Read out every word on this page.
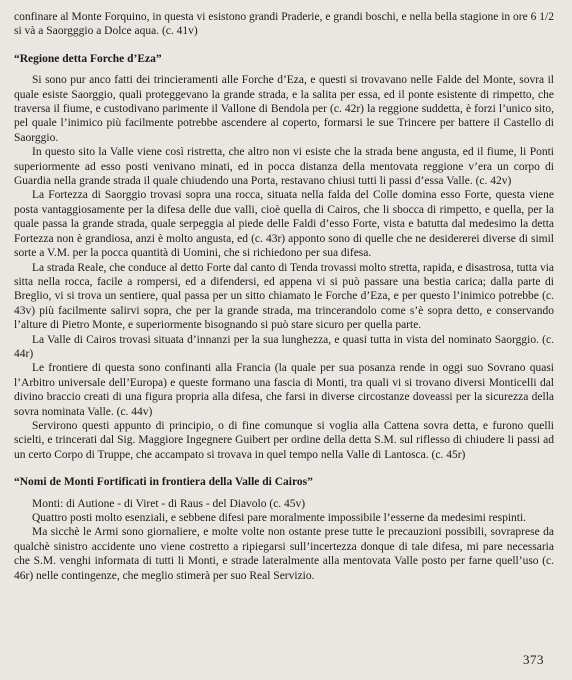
confinare al Monte Forquino, in questa vi esistono grandi Praderie, e grandi boschi, e nella bella stagione in ore 6 1/2 si và a Saorgggio a Dolce aqua. (c. 41v)

“Regione detta Forche d’Eza”

Si sono pur anco fatti dei trincieramenti alle Forche d’Eza, e questi si trovavano nelle Falde del Monte, sovra il quale esiste Saorggio, quali proteggevano la grande strada, e la salita per essa, ed il ponte esistente di rimpetto, che traversa il fiume, e custodivano parimente il Vallone di Bendola per (c. 42r) la reggione suddetta, è forzi l’unico sito, pel quale l’inimico più facilmente potrebbe ascendere al coperto, formarsi le sue Trincere per battere il Castello di Saorggio.

In questo sito la Valle viene così ristretta, che altro non vi esiste che la strada bene angusta, ed il fiume, li Ponti superiormente ad esso posti venivano minati, ed in pocca distanza della mentovata reggione v’era un corpo di Guardia nella grande strada il quale chiudendo una Porta, restavano chiusi tutti li passi d’essa Valle. (c. 42v)

La Fortezza di Saorggio trovasi sopra una rocca, situata nella falda del Colle domina esso Forte, questa viene posta vantaggiosamente per la difesa delle due valli, cioè quella di Cairos, che li sbocca di rimpetto, e quella, per la quale passa la grande strada, quale serpeggia al piede delle Faldi d’esso Forte, vista e batutta dal medesimo la detta Fortezza non è grandiosa, anzi è molto angusta, ed (c. 43r) apponto sono di quelle che ne desidererei diverse di simil sorte a V.M. per la pocca quantità di Uomini, che si richiedono per sua difesa.

La strada Reale, che conduce al detto Forte dal canto di Tenda trovassi molto stretta, rapida, e disastrosa, tutta via sitta nella rocca, facile a rompersi, ed a difendersi, ed appena vi si può passare una bestia carica; dalla parte di Breglio, vi si trova un sentiere, qual passa per un sitto chiamato le Forche d’Eza, e per questo l’inimico potrebbe (c. 43v) più facilmente salirvi sopra, che per la grande strada, ma trincerandolo come s’è sopra detto, e conservando l’alture di Pietro Monte, e superiormente bisognando si può stare sicuro per quella parte.

La Valle di Cairos trovasi situata d’innanzi per la sua lunghezza, e quasi tutta in vista del nominato Saorggio. (c. 44r)

Le frontiere di questa sono confinanti alla Francia (la quale per sua posanza rende in oggi suo Sovrano quasi l’Arbitro universale dell’Europa) e queste formano una fascia di Monti, tra quali vi si trovano diversi Monticelli dal divino braccio creati di una figura propria alla difesa, che farsi in diverse circostanze doveassi per la sicurezza della sovra nominata Valle. (c. 44v)

Servirono questi appunto di principio, o di fine comunque si voglia alla Cattena sovra detta, e furono quelli scielti, e trincerati dal Sig. Maggiore Ingegnere Guibert per ordine della detta S.M. sul riflesso di chiudere li passi ad un certo Corpo di Truppe, che accampato si trovava in quel tempo nella Valle di Lantosca. (c. 45r)

“Nomi de Monti Fortificati in frontiera della Valle di Cairos”

Monti: di Autione - di Viret - di Raus - del Diavolo (c. 45v)

Quattro posti molto esenziali, e sebbene difesi pare moralmente impossibile l’esserne da medesimi respinti.

Ma sicchè le Armi sono giornaliere, e molte volte non ostante prese tutte le precauzioni possibili, sovraprese da qualchè sinistro accidente uno viene costretto a ripiegarsi sull’incertezza donque di tale difesa, mi pare necessaria che S.M. venghi informata di tutti li Monti, e strade lateralmente alla mentovata Valle posto per farne quell’uso (c. 46r) nelle contingenze, che meglio stimerà per suo Real Servizio.

373
